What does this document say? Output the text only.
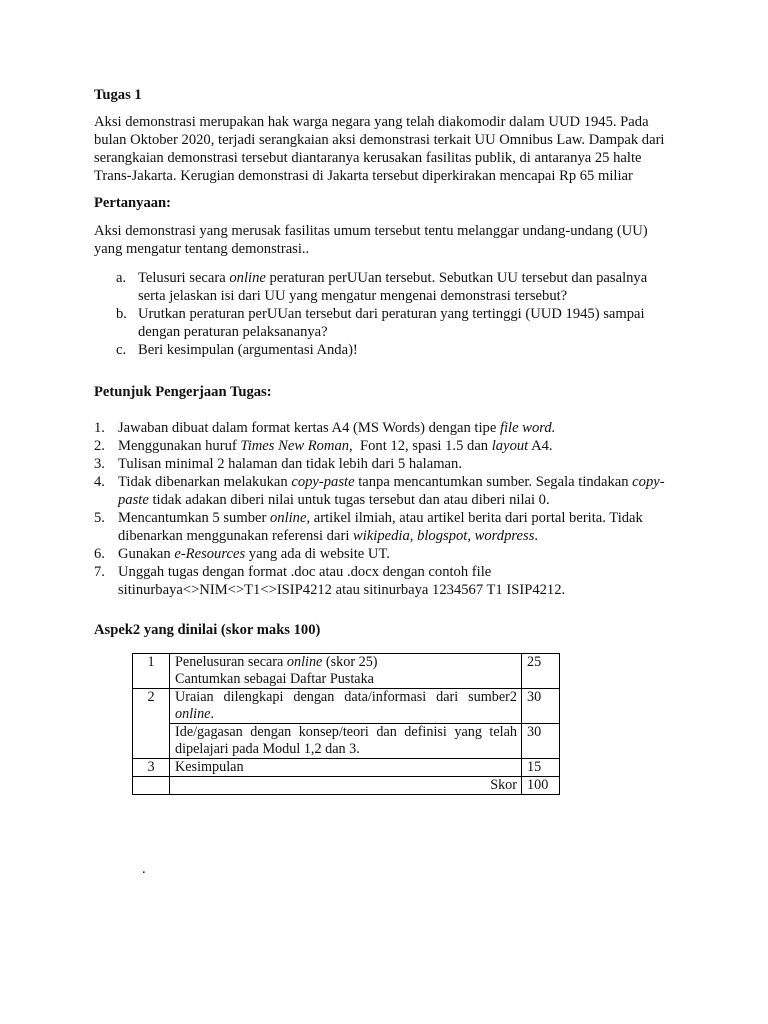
Tugas 1

Aksi demonstrasi merupakan hak warga negara yang telah diakomodir dalam UUD 1945. Pada bulan Oktober 2020, terjadi serangkaian aksi demonstrasi terkait UU Omnibus Law. Dampak dari serangkaian demonstrasi tersebut diantaranya kerusakan fasilitas publik, di antaranya 25 halte Trans-Jakarta. Kerugian demonstrasi di Jakarta tersebut diperkirakan mencapai Rp 65 miliar

Pertanyaan:

Aksi demonstrasi yang merusak fasilitas umum tersebut tentu melanggar undang-undang (UU) yang mengatur tentang demonstrasi..

a. Telusuri secara online peraturan perUUan tersebut. Sebutkan UU tersebut dan pasalnya serta jelaskan isi dari UU yang mengatur mengenai demonstrasi tersebut?
b. Urutkan peraturan perUUan tersebut dari peraturan yang tertinggi (UUD 1945) sampai dengan peraturan pelaksananya?
c. Beri kesimpulan (argumentasi Anda)!

Petunjuk Pengerjaan Tugas:

1. Jawaban dibuat dalam format kertas A4 (MS Words) dengan tipe file word.
2. Menggunakan huruf Times New Roman,  Font 12, spasi 1.5 dan layout A4.
3. Tulisan minimal 2 halaman dan tidak lebih dari 5 halaman.
4. Tidak dibenarkan melakukan copy-paste tanpa mencantumkan sumber. Segala tindakan copy-paste tidak adakan diberi nilai untuk tugas tersebut dan atau diberi nilai 0.
5. Mencantumkan 5 sumber online, artikel ilmiah, atau artikel berita dari portal berita. Tidak dibenarkan menggunakan referensi dari wikipedia, blogspot, wordpress.
6. Gunakan e-Resources yang ada di website UT.
7. Unggah tugas dengan format .doc atau .docx dengan contoh file sitinurbaya<>NIM<>T1<>ISIP4212 atau sitinurbaya 1234567 T1 ISIP4212.

Aspek2 yang dinilai (skor maks 100)

1	Penelusuran secara online (skor 25)
Cantumkan sebagai Daftar Pustaka	25
2	Uraian dilengkapi dengan data/informasi dari sumber2 online.	30
	Ide/gagasan dengan konsep/teori dan definisi yang telah dipelajari pada Modul 1,2 dan 3.	30
3	Kesimpulan	15
	Skor	100
.
